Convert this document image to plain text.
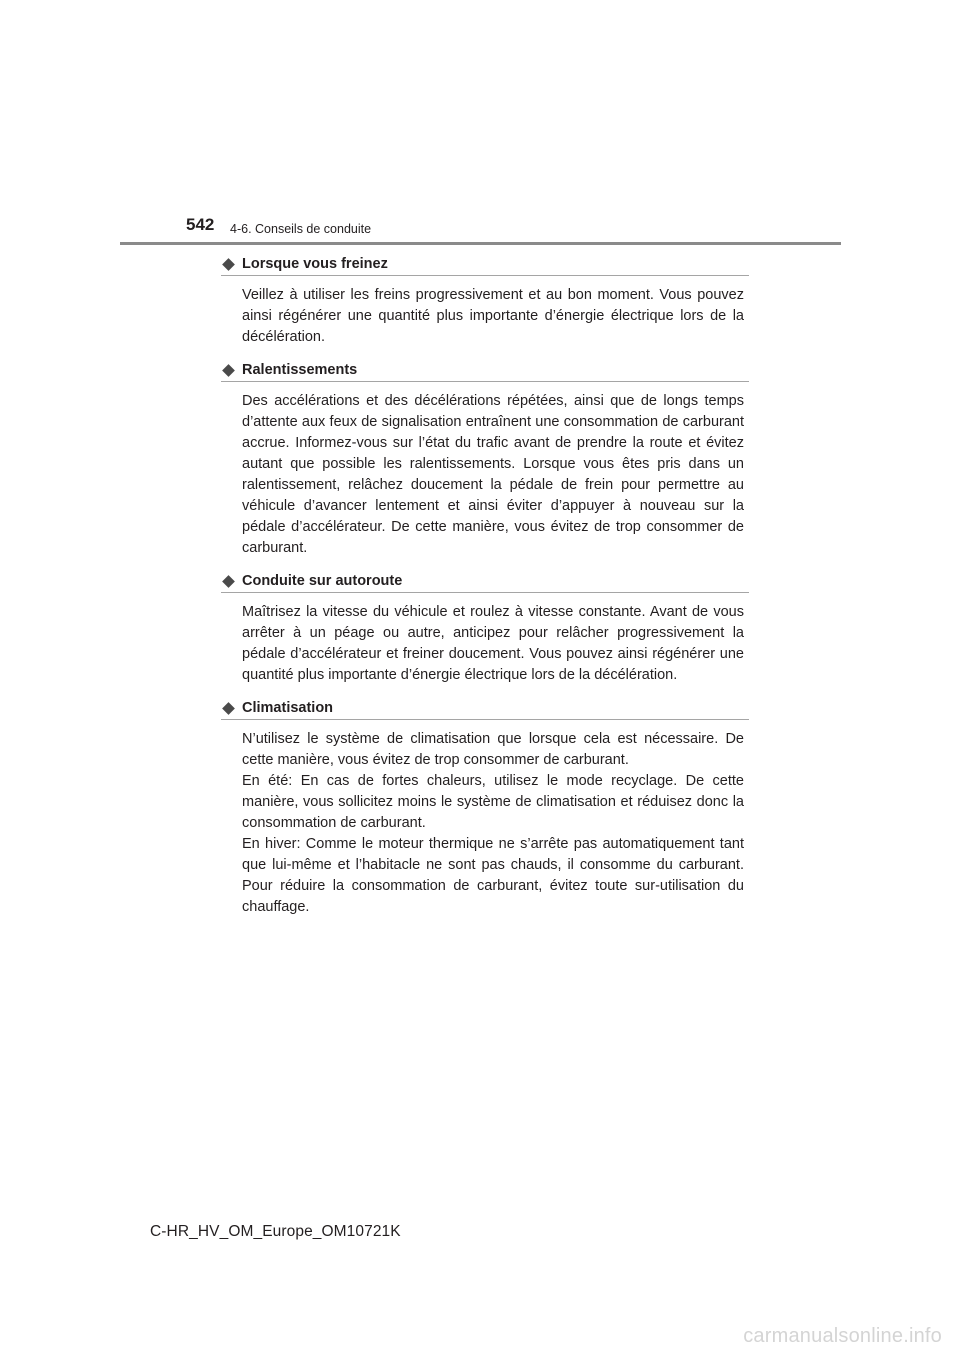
542 4-6. Conseils de conduite
Lorsque vous freinez

Veillez à utiliser les freins progressivement et au bon moment. Vous pouvez ainsi régénérer une quantité plus importante d’énergie électrique lors de la décélération.

Ralentissements

Des accélérations et des décélérations répétées, ainsi que de longs temps d’attente aux feux de signalisation entraînent une consommation de carburant accrue. Informez-vous sur l’état du trafic avant de prendre la route et évitez autant que possible les ralentissements. Lorsque vous êtes pris dans un ralentissement, relâchez doucement la pédale de frein pour permettre au véhicule d’avancer lentement et ainsi éviter d’appuyer à nouveau sur la pédale d’accélérateur. De cette manière, vous évitez de trop consommer de carburant.

Conduite sur autoroute

Maîtrisez la vitesse du véhicule et roulez à vitesse constante. Avant de vous arrêter à un péage ou autre, anticipez pour relâcher progressivement la pédale d’accélérateur et freiner doucement. Vous pouvez ainsi régénérer une quantité plus importante d’énergie électrique lors de la décélération.

Climatisation

N’utilisez le système de climatisation que lorsque cela est nécessaire. De cette manière, vous évitez de trop consommer de carburant.

En été: En cas de fortes chaleurs, utilisez le mode recyclage. De cette manière, vous sollicitez moins le système de climatisation et réduisez donc la consommation de carburant.

En hiver: Comme le moteur thermique ne s’arrête pas automatiquement tant que lui-même et l’habitacle ne sont pas chauds, il consomme du carburant. Pour réduire la consommation de carburant, évitez toute sur-utilisation du chauffage.

C-HR_HV_OM_Europe_OM10721K
carmanualsonline.info
